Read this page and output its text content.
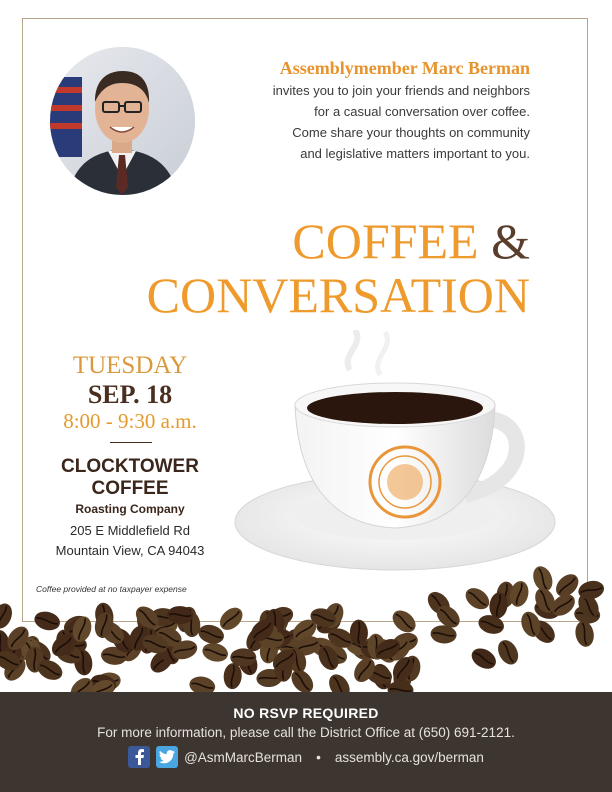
Assemblymember Marc Berman
invites you to join your friends and neighbors
for a casual conversation over coffee.
Come share your thoughts on community
and legislative matters important to you.
COFFEE &
CONVERSATION
TUESDAY
SEP. 18
8:00 - 9:30 a.m.
CLOCKTOWER
COFFEE
Roasting Company
205 E Middlefield Rd
Mountain View, CA 94043
Coffee provided at no taxpayer expense
NO RSVP REQUIRED
For more information, please call the District Office at (650) 691-2121.
@AsmMarcBerman • assembly.ca.gov/berman
